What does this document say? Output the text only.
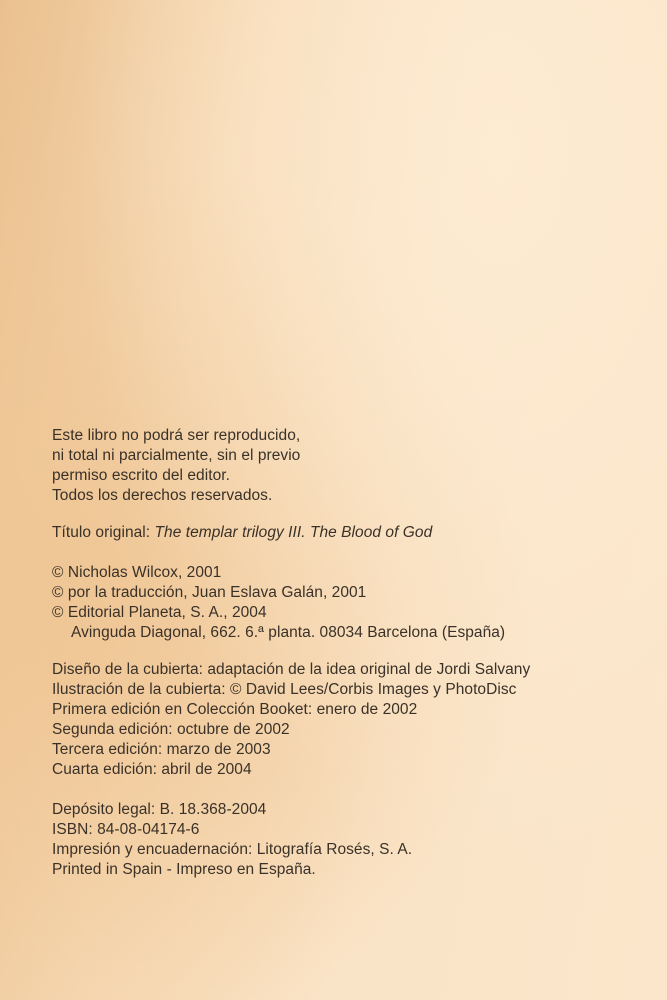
Este libro no podrá ser reproducido,
ni total ni parcialmente, sin el previo
permiso escrito del editor.
Todos los derechos reservados.
Título original: The templar trilogy III. The Blood of God
© Nicholas Wilcox, 2001
© por la traducción, Juan Eslava Galán, 2001
© Editorial Planeta, S. A., 2004
Avinguda Diagonal, 662. 6.ª planta. 08034 Barcelona (España)
Diseño de la cubierta: adaptación de la idea original de Jordi Salvany
Ilustración de la cubierta: © David Lees/Corbis Images y PhotoDisc
Primera edición en Colección Booket: enero de 2002
Segunda edición: octubre de 2002
Tercera edición: marzo de 2003
Cuarta edición: abril de 2004
Depósito legal: B. 18.368-2004
ISBN: 84-08-04174-6
Impresión y encuadernación: Litografía Rosés, S. A.
Printed in Spain - Impreso en España.
